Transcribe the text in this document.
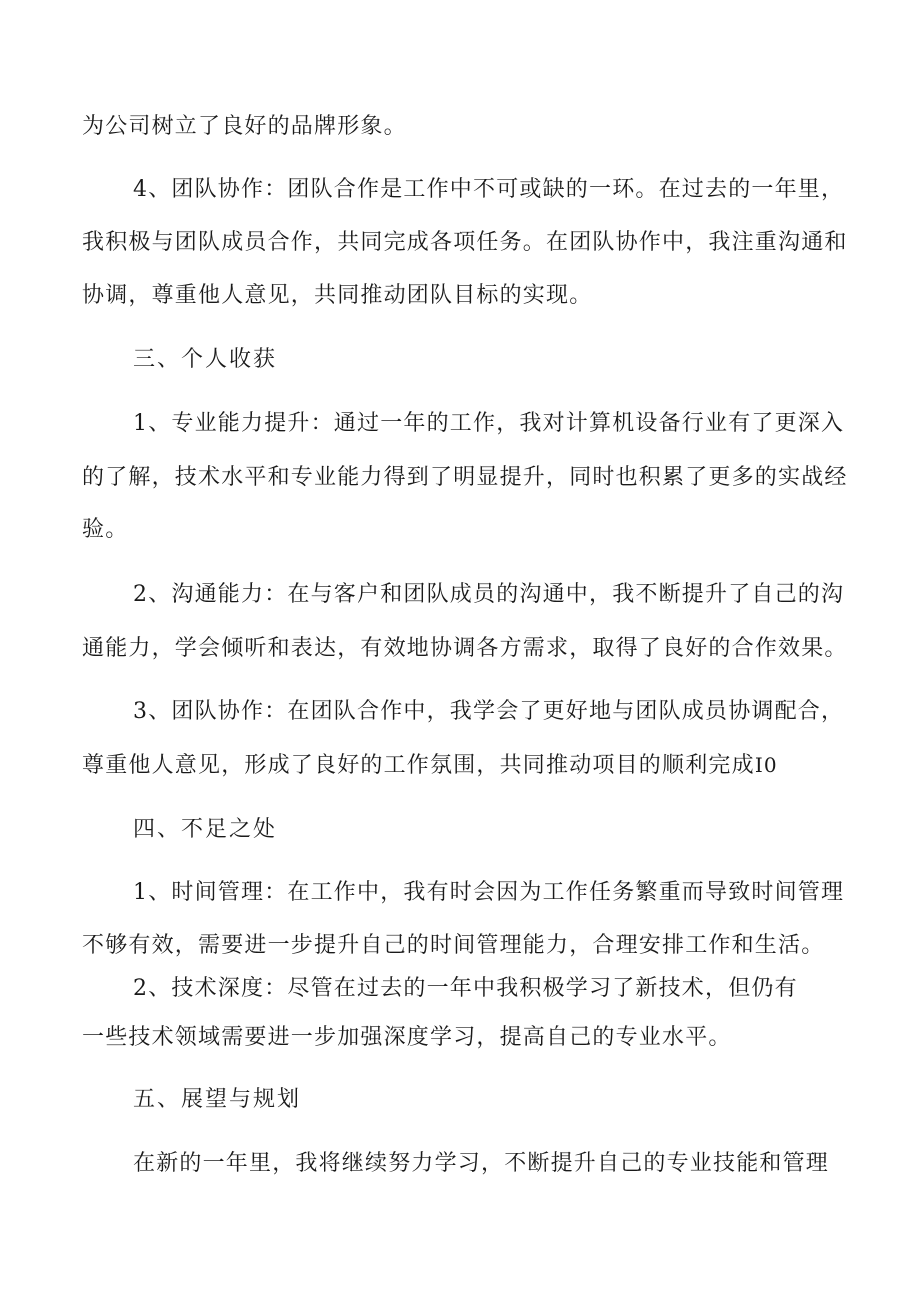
为公司树立了良好的品牌形象。
4、团队协作：团队合作是工作中不可或缺的一环。在过去的一年里，
我积极与团队成员合作，共同完成各项任务。在团队协作中，我注重沟通和
协调，尊重他人意见，共同推动团队目标的实现。
三、个人收获
1、专业能力提升：通过一年的工作，我对计算机设备行业有了更深入
的了解，技术水平和专业能力得到了明显提升，同时也积累了更多的实战经
验。
2、沟通能力：在与客户和团队成员的沟通中，我不断提升了自己的沟
通能力，学会倾听和表达，有效地协调各方需求，取得了良好的合作效果。
3、团队协作：在团队合作中，我学会了更好地与团队成员协调配合，
尊重他人意见，形成了良好的工作氛围，共同推动项目的顺利完成I0
四、不足之处
1、时间管理：在工作中，我有时会因为工作任务繁重而导致时间管理
不够有效，需要进一步提升自己的时间管理能力，合理安排工作和生活。
2、技术深度：尽管在过去的一年中我积极学习了新技术，但仍有
一些技术领域需要进一步加强深度学习，提高自己的专业水平。
五、展望与规划
在新的一年里，我将继续努力学习，不断提升自己的专业技能和管理
